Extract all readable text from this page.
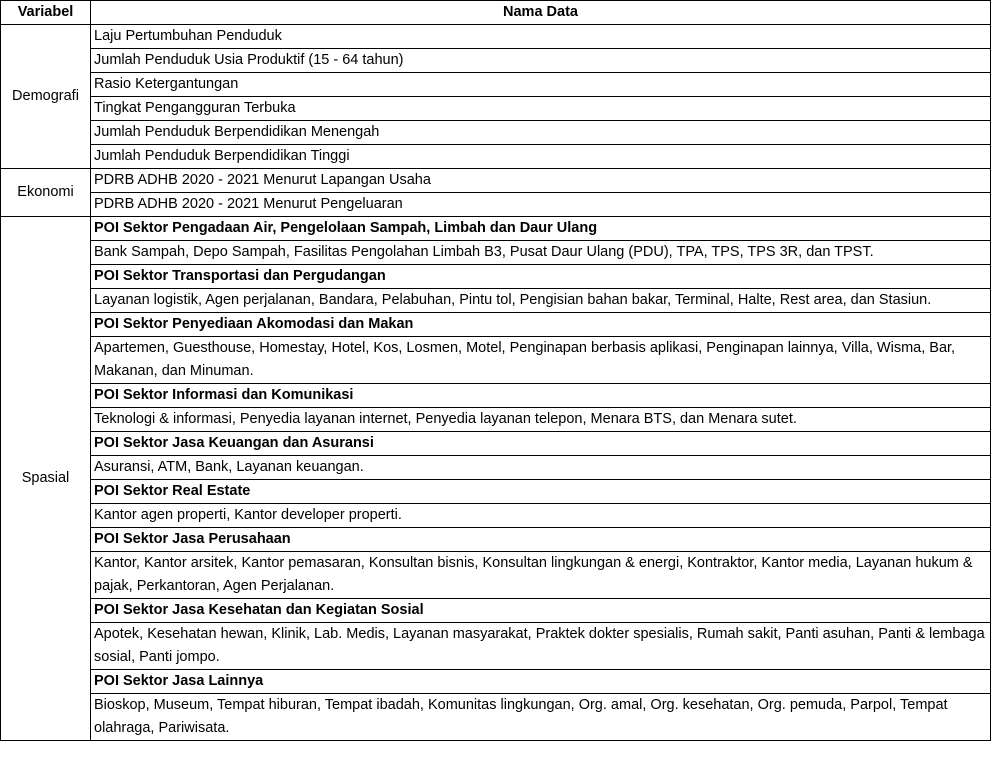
Variabel	Nama Data
Demografi	Laju Pertumbuhan Penduduk
	Jumlah Penduduk Usia Produktif (15 - 64 tahun)
	Rasio Ketergantungan
	Tingkat Pengangguran Terbuka
	Jumlah Penduduk Berpendidikan Menengah
	Jumlah Penduduk Berpendidikan Tinggi
Ekonomi	PDRB ADHB 2020 - 2021 Menurut Lapangan Usaha
	PDRB ADHB 2020 - 2021 Menurut Pengeluaran
Spasial	POI Sektor Pengadaan Air, Pengelolaan Sampah, Limbah dan Daur Ulang
	Bank Sampah, Depo Sampah, Fasilitas Pengolahan Limbah B3, Pusat Daur Ulang (PDU), TPA, TPS, TPS 3R, dan TPST.
	POI Sektor Transportasi dan Pergudangan
	Layanan logistik, Agen perjalanan, Bandara, Pelabuhan, Pintu tol, Pengisian bahan bakar, Terminal, Halte, Rest area, dan Stasiun.
	POI Sektor Penyediaan Akomodasi dan Makan
	Apartemen, Guesthouse, Homestay, Hotel, Kos, Losmen, Motel, Penginapan berbasis aplikasi, Penginapan lainnya, Villa, Wisma, Bar, Makanan, dan Minuman.
	POI Sektor Informasi dan Komunikasi
	Teknologi & informasi, Penyedia layanan internet, Penyedia layanan telepon, Menara BTS, dan Menara sutet.
	POI Sektor Jasa Keuangan dan Asuransi
	Asuransi, ATM, Bank, Layanan keuangan.
	POI Sektor Real Estate
	Kantor agen properti, Kantor developer properti.
	POI Sektor Jasa Perusahaan
	Kantor, Kantor arsitek, Kantor pemasaran, Konsultan bisnis, Konsultan lingkungan & energi, Kontraktor, Kantor media, Layanan hukum & pajak, Perkantoran, Agen Perjalanan.
	POI Sektor Jasa Kesehatan dan Kegiatan Sosial
	Apotek, Kesehatan hewan, Klinik, Lab. Medis, Layanan masyarakat, Praktek dokter spesialis, Rumah sakit, Panti asuhan, Panti & lembaga sosial, Panti jompo.
	POI Sektor Jasa Lainnya
	Bioskop, Museum, Tempat hiburan, Tempat ibadah, Komunitas lingkungan, Org. amal, Org. kesehatan, Org. pemuda, Parpol, Tempat olahraga, Pariwisata.
